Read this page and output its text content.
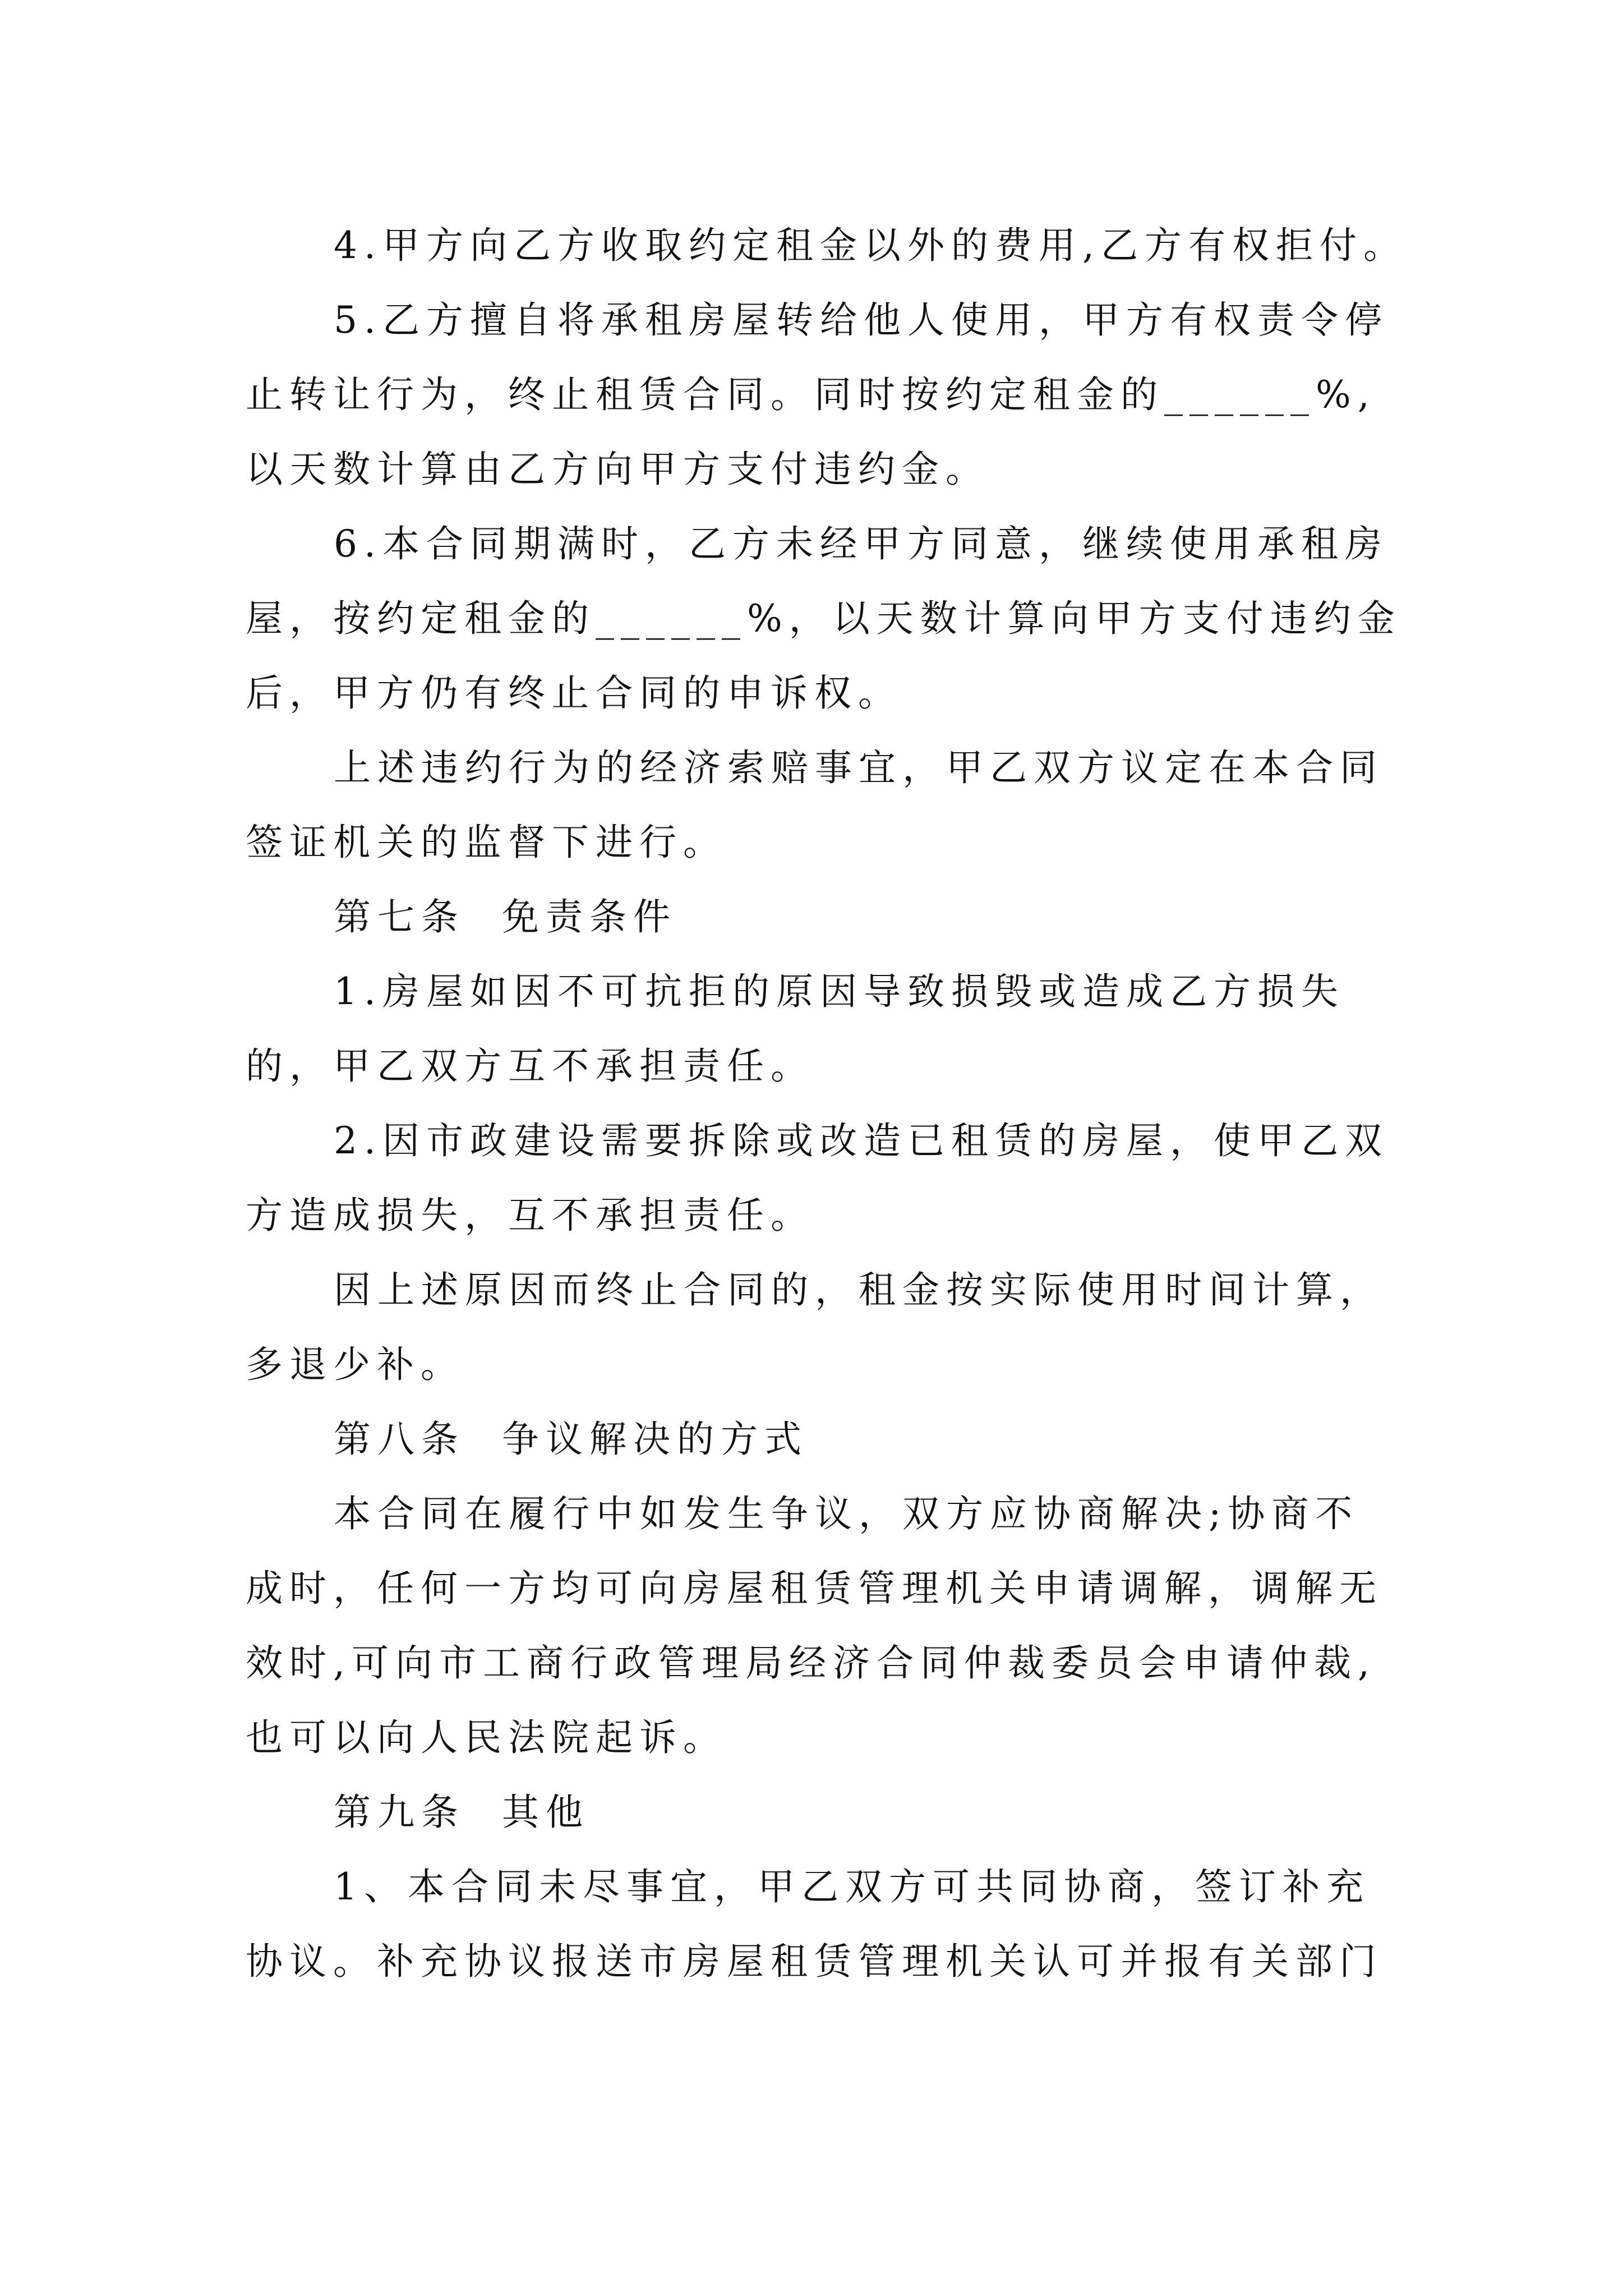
4.甲方向乙方收取约定租金以外的费用,乙方有权拒付。
5.乙方擅自将承租房屋转给他人使用，甲方有权责令停
止转让行为，终止租赁合同。同时按约定租金的______%,
以天数计算由乙方向甲方支付违约金。
6.本合同期满时，乙方未经甲方同意，继续使用承租房
屋，按约定租金的______%，以天数计算向甲方支付违约金
后，甲方仍有终止合同的申诉权。
上述违约行为的经济索赔事宜，甲乙双方议定在本合同
签证机关的监督下进行。
第七条  免责条件
1.房屋如因不可抗拒的原因导致损毁或造成乙方损失
的，甲乙双方互不承担责任。
2.因市政建设需要拆除或改造已租赁的房屋，使甲乙双
方造成损失，互不承担责任。
因上述原因而终止合同的，租金按实际使用时间计算，
多退少补。
第八条  争议解决的方式
本合同在履行中如发生争议，双方应协商解决;协商不
成时，任何一方均可向房屋租赁管理机关申请调解，调解无
效时,可向市工商行政管理局经济合同仲裁委员会申请仲裁,
也可以向人民法院起诉。
第九条  其他
1、本合同未尽事宜，甲乙双方可共同协商，签订补充
协议。补充协议报送市房屋租赁管理机关认可并报有关部门
